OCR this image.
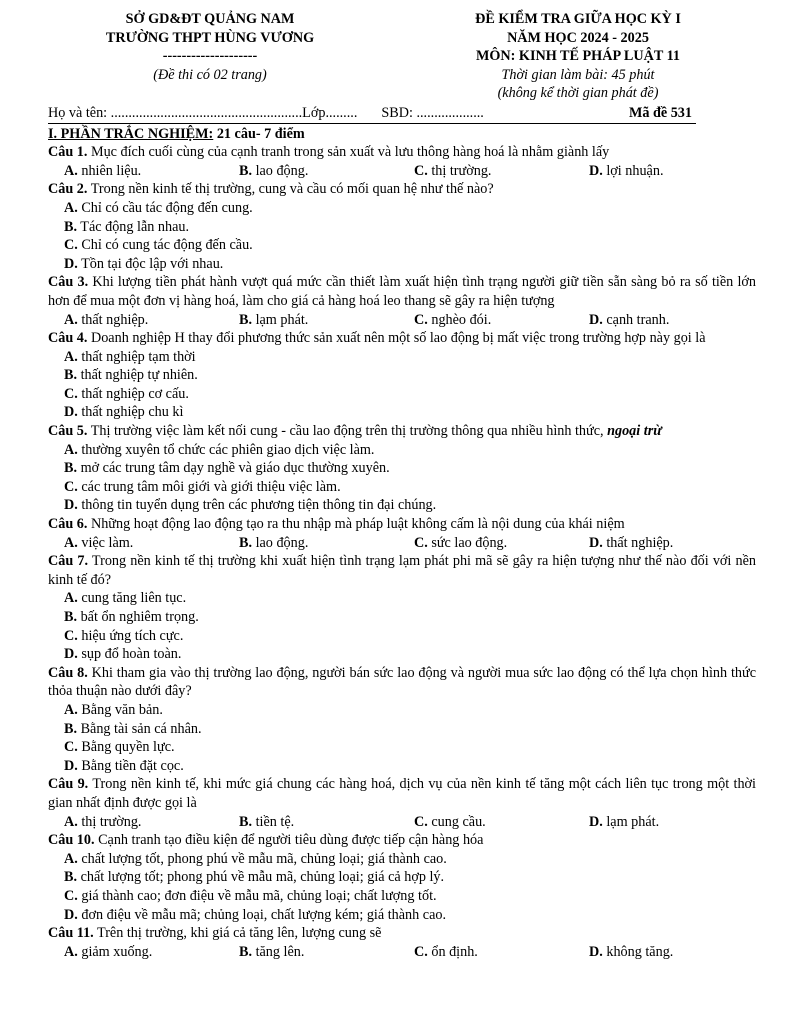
SỞ GD&ĐT QUẢNG NAM
TRƯỜNG THPT HÙNG VƯƠNG
--------------------
(Đề thi có 02 trang)
ĐỀ KIỂM TRA GIỮA HỌC KỲ I
NĂM HỌC 2024 - 2025
MÔN: KINH TẾ PHÁP LUẬT 11
Thời gian làm bài: 45 phút
(không kể thời gian phát đề)
Họ và tên: ......................................................Lớp......... SBD: ...................	Mã đề 531
I. PHẦN TRẮC NGHIỆM: 21 câu- 7 điểm
Câu 1. Mục đích cuối cùng của cạnh tranh trong sản xuất và lưu thông hàng hoá là nhằm giành lấy
A. nhiên liệu.	B. lao động.	C. thị trường.	D. lợi nhuận.
Câu 2. Trong nền kinh tế thị trường, cung và cầu có mối quan hệ như thế nào?
A. Chỉ có cầu tác động đến cung.
B. Tác động lẫn nhau.
C. Chỉ có cung tác động đến cầu.
D. Tồn tại độc lập với nhau.
Câu 3. Khi lượng tiền phát hành vượt quá mức cần thiết làm xuất hiện tình trạng người giữ tiền sẵn sàng bỏ ra số tiền lớn hơn để mua một đơn vị hàng hoá, làm cho giá cả hàng hoá leo thang sẽ gây ra hiện tượng
A. thất nghiệp.	B. lạm phát.	C. nghèo đói.	D. cạnh tranh.
Câu 4. Doanh nghiệp H thay đổi phương thức sản xuất nên một số lao động bị mất việc trong trường hợp này gọi là
A. thất nghiệp tạm thời
B. thất nghiệp tự nhiên.
C. thất nghiệp cơ cấu.
D. thất nghiệp chu kì
Câu 5. Thị trường việc làm kết nối cung - cầu lao động trên thị trường thông qua nhiều hình thức, ngoại trừ
A. thường xuyên tổ chức các phiên giao dịch việc làm.
B. mở các trung tâm dạy nghề và giáo dục thường xuyên.
C. các trung tâm môi giới và giới thiệu việc làm.
D. thông tin tuyển dụng trên các phương tiện thông tin đại chúng.
Câu 6. Những hoạt động lao động tạo ra thu nhập mà pháp luật không cấm là nội dung của khái niệm
A. việc làm.	B. lao động.	C. sức lao động.	D. thất nghiệp.
Câu 7. Trong nền kinh tế thị trường khi xuất hiện tình trạng lạm phát phi mã sẽ gây ra hiện tượng như thế nào đối với nền kinh tế đó?
A. cung tăng liên tục.
B. bất ổn nghiêm trọng.
C. hiệu ứng tích cực.
D. sụp đổ hoàn toàn.
Câu 8. Khi tham gia vào thị trường lao động, người bán sức lao động và người mua sức lao động có thể lựa chọn hình thức thỏa thuận nào dưới đây?
A. Bằng văn bản.
B. Bằng tài sản cá nhân.
C. Bằng quyền lực.
D. Bằng tiền đặt cọc.
Câu 9. Trong nền kinh tế, khi mức giá chung các hàng hoá, dịch vụ của nền kinh tế tăng một cách liên tục trong một thời gian nhất định được gọi là
A. thị trường.	B. tiền tệ.	C. cung cầu.	D. lạm phát.
Câu 10. Cạnh tranh tạo điều kiện để người tiêu dùng được tiếp cận hàng hóa
A. chất lượng tốt, phong phú về mẫu mã, chủng loại; giá thành cao.
B. chất lượng tốt; phong phú về mẫu mã, chủng loại; giá cả hợp lý.
C. giá thành cao; đơn điệu về mẫu mã, chủng loại; chất lượng tốt.
D. đơn điệu về mẫu mã; chủng loại, chất lượng kém; giá thành cao.
Câu 11. Trên thị trường, khi giá cả tăng lên, lượng cung sẽ
A. giảm xuống.	B. tăng lên.	C. ổn định.	D. không tăng.
